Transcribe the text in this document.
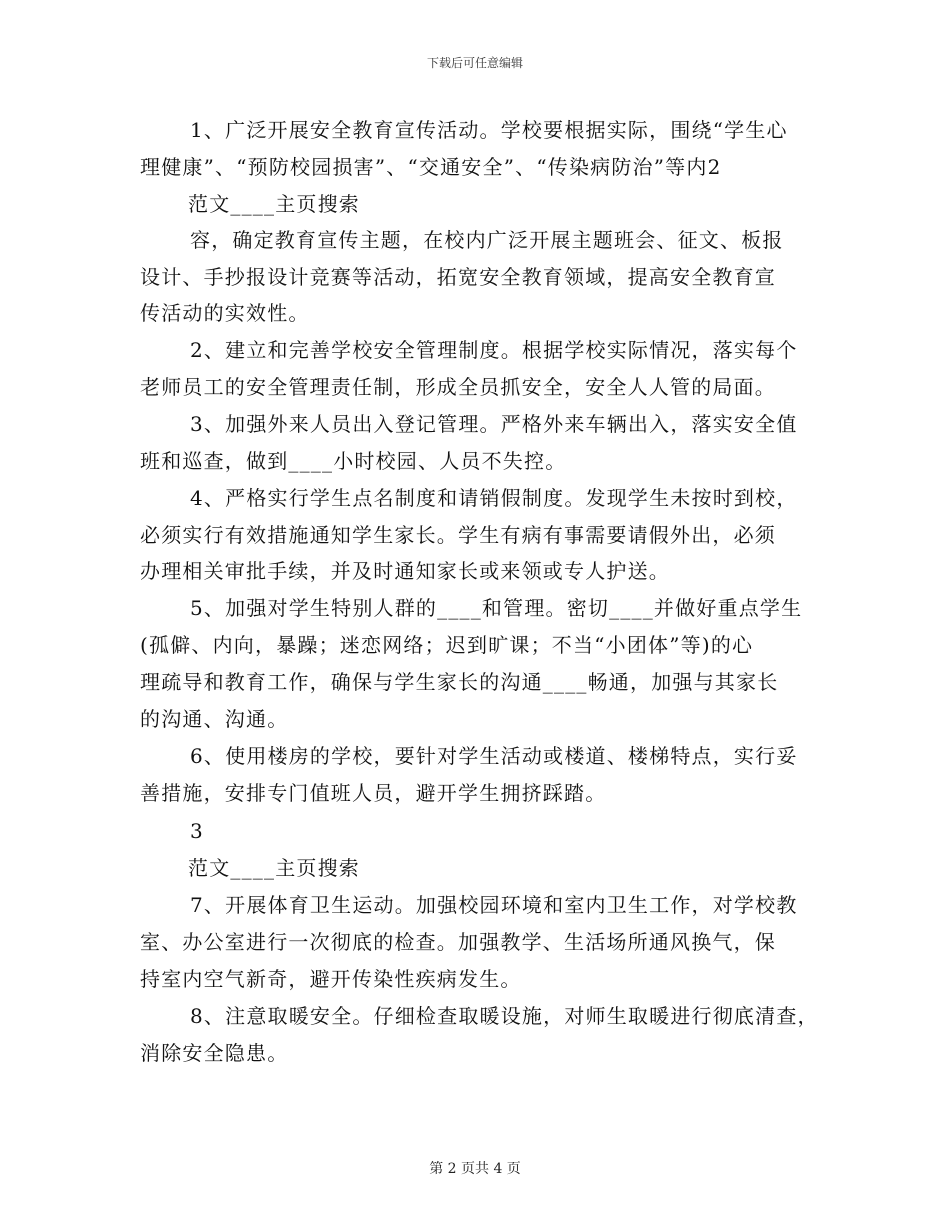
下载后可任意编辑
1、广泛开展安全教育宣传活动。学校要根据实际，围绕“学生心
理健康”、“预防校园损害”、“交通安全”、“传染病防治”等内2
范文____主页搜索
容，确定教育宣传主题，在校内广泛开展主题班会、征文、板报
设计、手抄报设计竞赛等活动，拓宽安全教育领域，提高安全教育宣
传活动的实效性。
2、建立和完善学校安全管理制度。根据学校实际情况，落实每个
老师员工的安全管理责任制，形成全员抓安全，安全人人管的局面。
3、加强外来人员出入登记管理。严格外来车辆出入，落实安全值
班和巡查，做到____小时校园、人员不失控。
4、严格实行学生点名制度和请销假制度。发现学生未按时到校，
必须实行有效措施通知学生家长。学生有病有事需要请假外出，必须
办理相关审批手续，并及时通知家长或来领或专人护送。
5、加强对学生特别人群的____和管理。密切____并做好重点学生
(孤僻、内向，暴躁；迷恋网络；迟到旷课；不当“小团体”等)的心
理疏导和教育工作，确保与学生家长的沟通____畅通，加强与其家长
的沟通、沟通。
6、使用楼房的学校，要针对学生活动或楼道、楼梯特点，实行妥
善措施，安排专门值班人员，避开学生拥挤踩踏。
3
范文____主页搜索
7、开展体育卫生运动。加强校园环境和室内卫生工作，对学校教
室、办公室进行一次彻底的检查。加强教学、生活场所通风换气，保
持室内空气新奇，避开传染性疾病发生。
8、注意取暖安全。仔细检查取暖设施，对师生取暖进行彻底清查，
消除安全隐患。
第 2 页共 4 页
